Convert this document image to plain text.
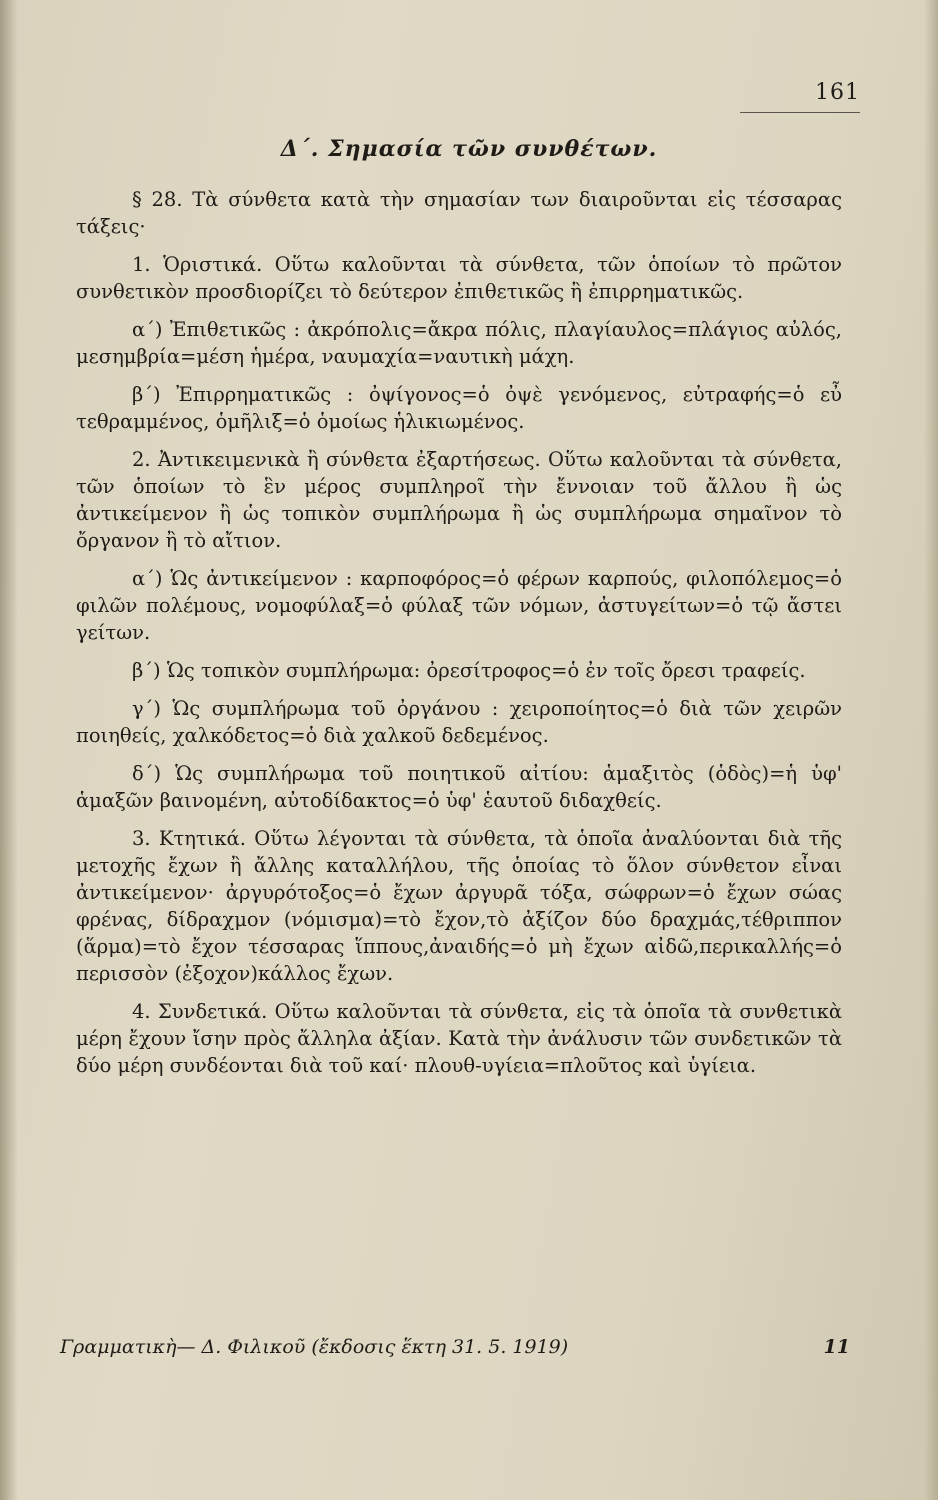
161
Δ΄. Σημασία τῶν συνθέτων.

§ 28. Τὰ σύνθετα κατὰ τὴν σημασίαν των διαιροῦνται εἰς τέσσαρας τάξεις·

1. Ὁριστικά. Οὕτω καλοῦνται τὰ σύνθετα, τῶν ὁποίων τὸ πρῶτον συνθετικὸν προσδιορίζει τὸ δεύτερον ἐπιθετικῶς ἢ ἐπιρρηματικῶς.

α΄) Ἐπιθετικῶς : ἀκρόπολις=ἄκρα πόλις, πλαγίαυλος=πλάγιος αὐλός, μεσημβρία=μέση ἡμέρα, ναυμαχία=ναυτικὴ μάχη.

β΄) Ἐπιρρηματικῶς : ὀψίγονος=ὁ ὀψὲ γενόμενος, εὐτραφής=ὁ εὖ τεθραμμένος, ὁμῆλιξ=ὁ ὁμοίως ἡλικιωμένος.

2. Ἀντικειμενικὰ ἢ σύνθετα ἐξαρτήσεως. Οὕτω καλοῦνται τὰ σύνθετα, τῶν ὁποίων τὸ ἓν μέρος συμπληροῖ τὴν ἔννοιαν τοῦ ἄλλου ἢ ὡς ἀντικείμενον ἢ ὡς τοπικὸν συμπλήρωμα ἢ ὡς συμπλήρωμα σημαῖνον τὸ ὄργανον ἢ τὸ αἴτιον.

α΄) Ὡς ἀντικείμενον : καρποφόρος=ὁ φέρων καρπούς, φιλοπόλεμος=ὁ φιλῶν πολέμους, νομοφύλαξ=ὁ φύλαξ τῶν νόμων, ἀστυγείτων=ὁ τῷ ἄστει γείτων.

β΄) Ὡς τοπικὸν συμπλήρωμα: ὀρεσίτροφος=ὁ ἐν τοῖς ὄρεσι τραφείς.

γ΄) Ὡς συμπλήρωμα τοῦ ὀργάνου : χειροποίητος=ὁ διὰ τῶν χειρῶν ποιηθείς, χαλκόδετος=ὁ διὰ χαλκοῦ δεδεμένος.

δ΄) Ὡς συμπλήρωμα τοῦ ποιητικοῦ αἰτίου: ἁμαξιτὸς (ὁδὸς)=ἡ ὑφ' ἁμαξῶν βαινομένη, αὐτοδίδακτος=ὁ ὑφ' ἑαυτοῦ διδαχθείς.

3. Κτητικά. Οὕτω λέγονται τὰ σύνθετα, τὰ ὁποῖα ἀναλύονται διὰ τῆς μετοχῆς ἔχων ἢ ἄλλης καταλλήλου, τῆς ὁποίας τὸ ὅλον σύνθετον εἶναι ἀντικείμενον· ἀργυρότοξος=ὁ ἔχων ἀργυρᾶ τόξα, σώφρων=ὁ ἔχων σώας φρένας, δίδραχμον (νόμισμα)=τὸ ἔχον,τὸ ἀξίζον δύο δραχμάς,τέθριππον (ἅρμα)=τὸ ἔχον τέσσαρας ἵππους,ἀναιδής=ὁ μὴ ἔχων αἰδῶ,περικαλλής=ὁ περισσὸν (ἐξοχον)κάλλος ἔχων.

4. Συνδετικά. Οὕτω καλοῦνται τὰ σύνθετα, εἰς τὰ ὁποῖα τὰ συνθετικὰ μέρη ἔχουν ἴσην πρὸς ἄλληλα ἀξίαν. Κατὰ τὴν ἀνάλυσιν τῶν συνδετικῶν τὰ δύο μέρη συνδέονται διὰ τοῦ καί· πλουθ-υγίεια=πλοῦτος καὶ ὑγίεια.

Γραμματικὴ— Δ. Φιλικοῦ (ἔκδοσις ἕκτη 31. 5. 1919)	11
